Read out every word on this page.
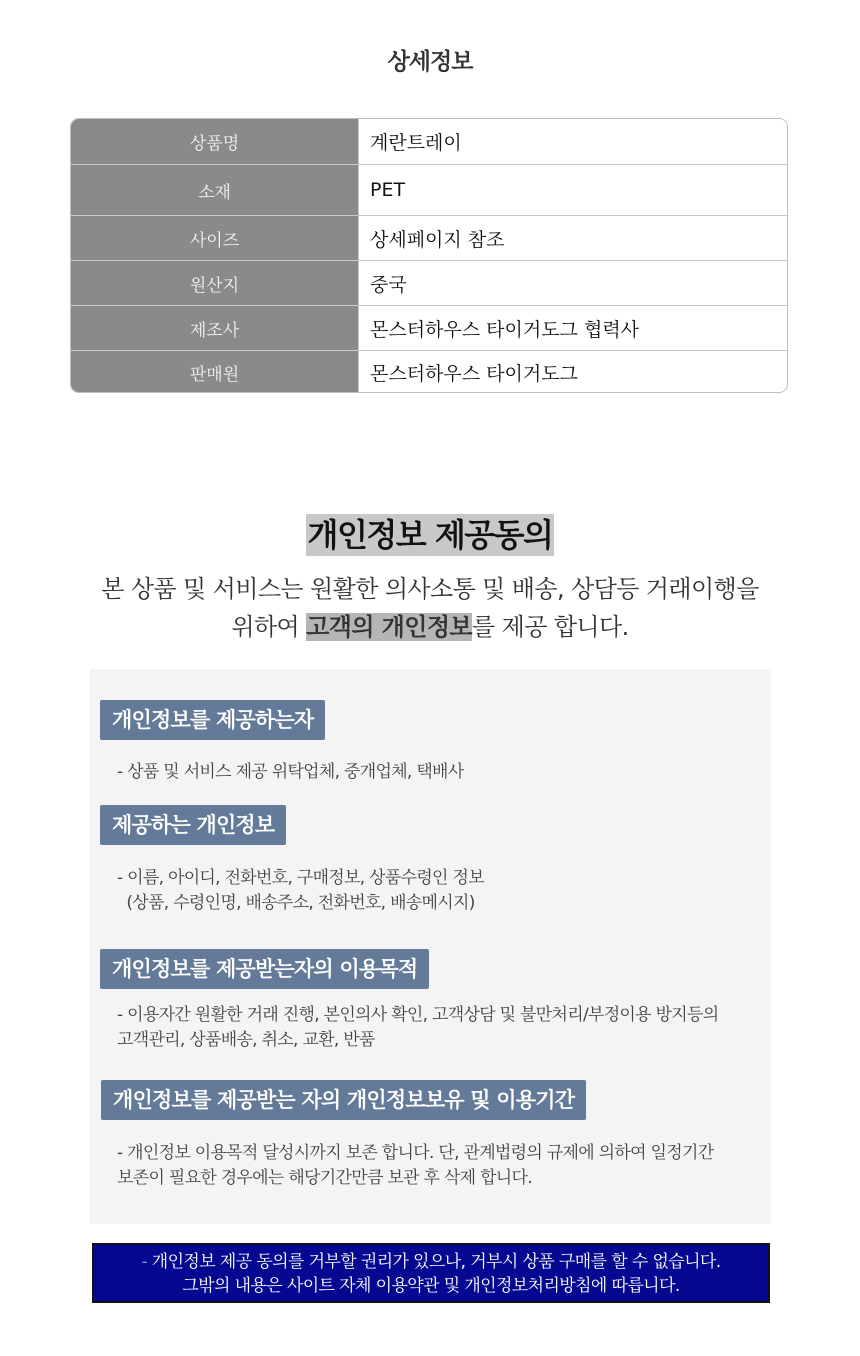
상세정보
상품명	계란트레이
소재	PET
사이즈	상세페이지 참조
원산지	중국
제조사	몬스터하우스 타이거도그 협력사
판매원	몬스터하우스 타이거도그
개인정보 제공동의
본 상품 및 서비스는 원활한 의사소통 및 배송, 상담등 거래이행을
위하여 고객의 개인정보를 제공 합니다.
개인정보를 제공하는자
- 상품 및 서비스 제공 위탁업체, 중개업체, 택배사
제공하는 개인정보
- 이름, 아이디, 전화번호, 구매정보, 상품수령인 정보
(상품, 수령인명, 배송주소, 전화번호, 배송메시지)
개인정보를 제공받는자의 이용목적
- 이용자간 원활한 거래 진행, 본인의사 확인, 고객상담 및 불만처리/부정이용 방지등의
고객관리, 상품배송, 취소, 교환, 반품
개인정보를 제공받는 자의 개인정보보유 및 이용기간
- 개인정보 이용목적 달성시까지 보존 합니다. 단, 관계법령의 규제에 의하여 일정기간
보존이 필요한 경우에는 해당기간만큼 보관 후 삭제 합니다.
- 개인정보 제공 동의를 거부할 권리가 있으나, 거부시 상품 구매를 할 수 없습니다.
그밖의 내용은 사이트 자체 이용약관 및 개인정보처리방침에 따릅니다.
